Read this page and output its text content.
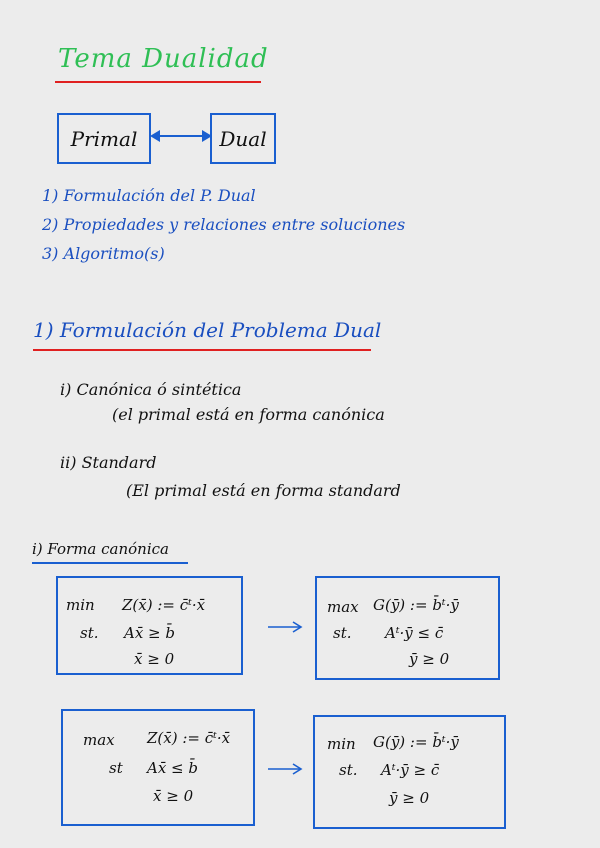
Tema Dualidad
Primal	Dual
1) Formulación del P. Dual
2) Propiedades y relaciones entre soluciones
3) Algoritmo(s)
1) Formulación del Problema Dual
i) Canónica ó sintética
(el primal está en forma canónica
ii) Standard
(El primal está en forma standard
i) Forma canónica
min Z(x̄) := c̄ᵗ·x̄
st. Ax̄ ≥ b̄
x̄ ≥ 0
max G(ȳ) := b̄ᵗ·ȳ
st. Aᵗ·ȳ ≤ c̄
ȳ ≥ 0
max Z(x̄) := c̄ᵗ·x̄
st Ax̄ ≤ b̄
x̄ ≥ 0
min G(ȳ) := b̄ᵗ·ȳ
st. Aᵗ·ȳ ≥ c̄
ȳ ≥ 0
